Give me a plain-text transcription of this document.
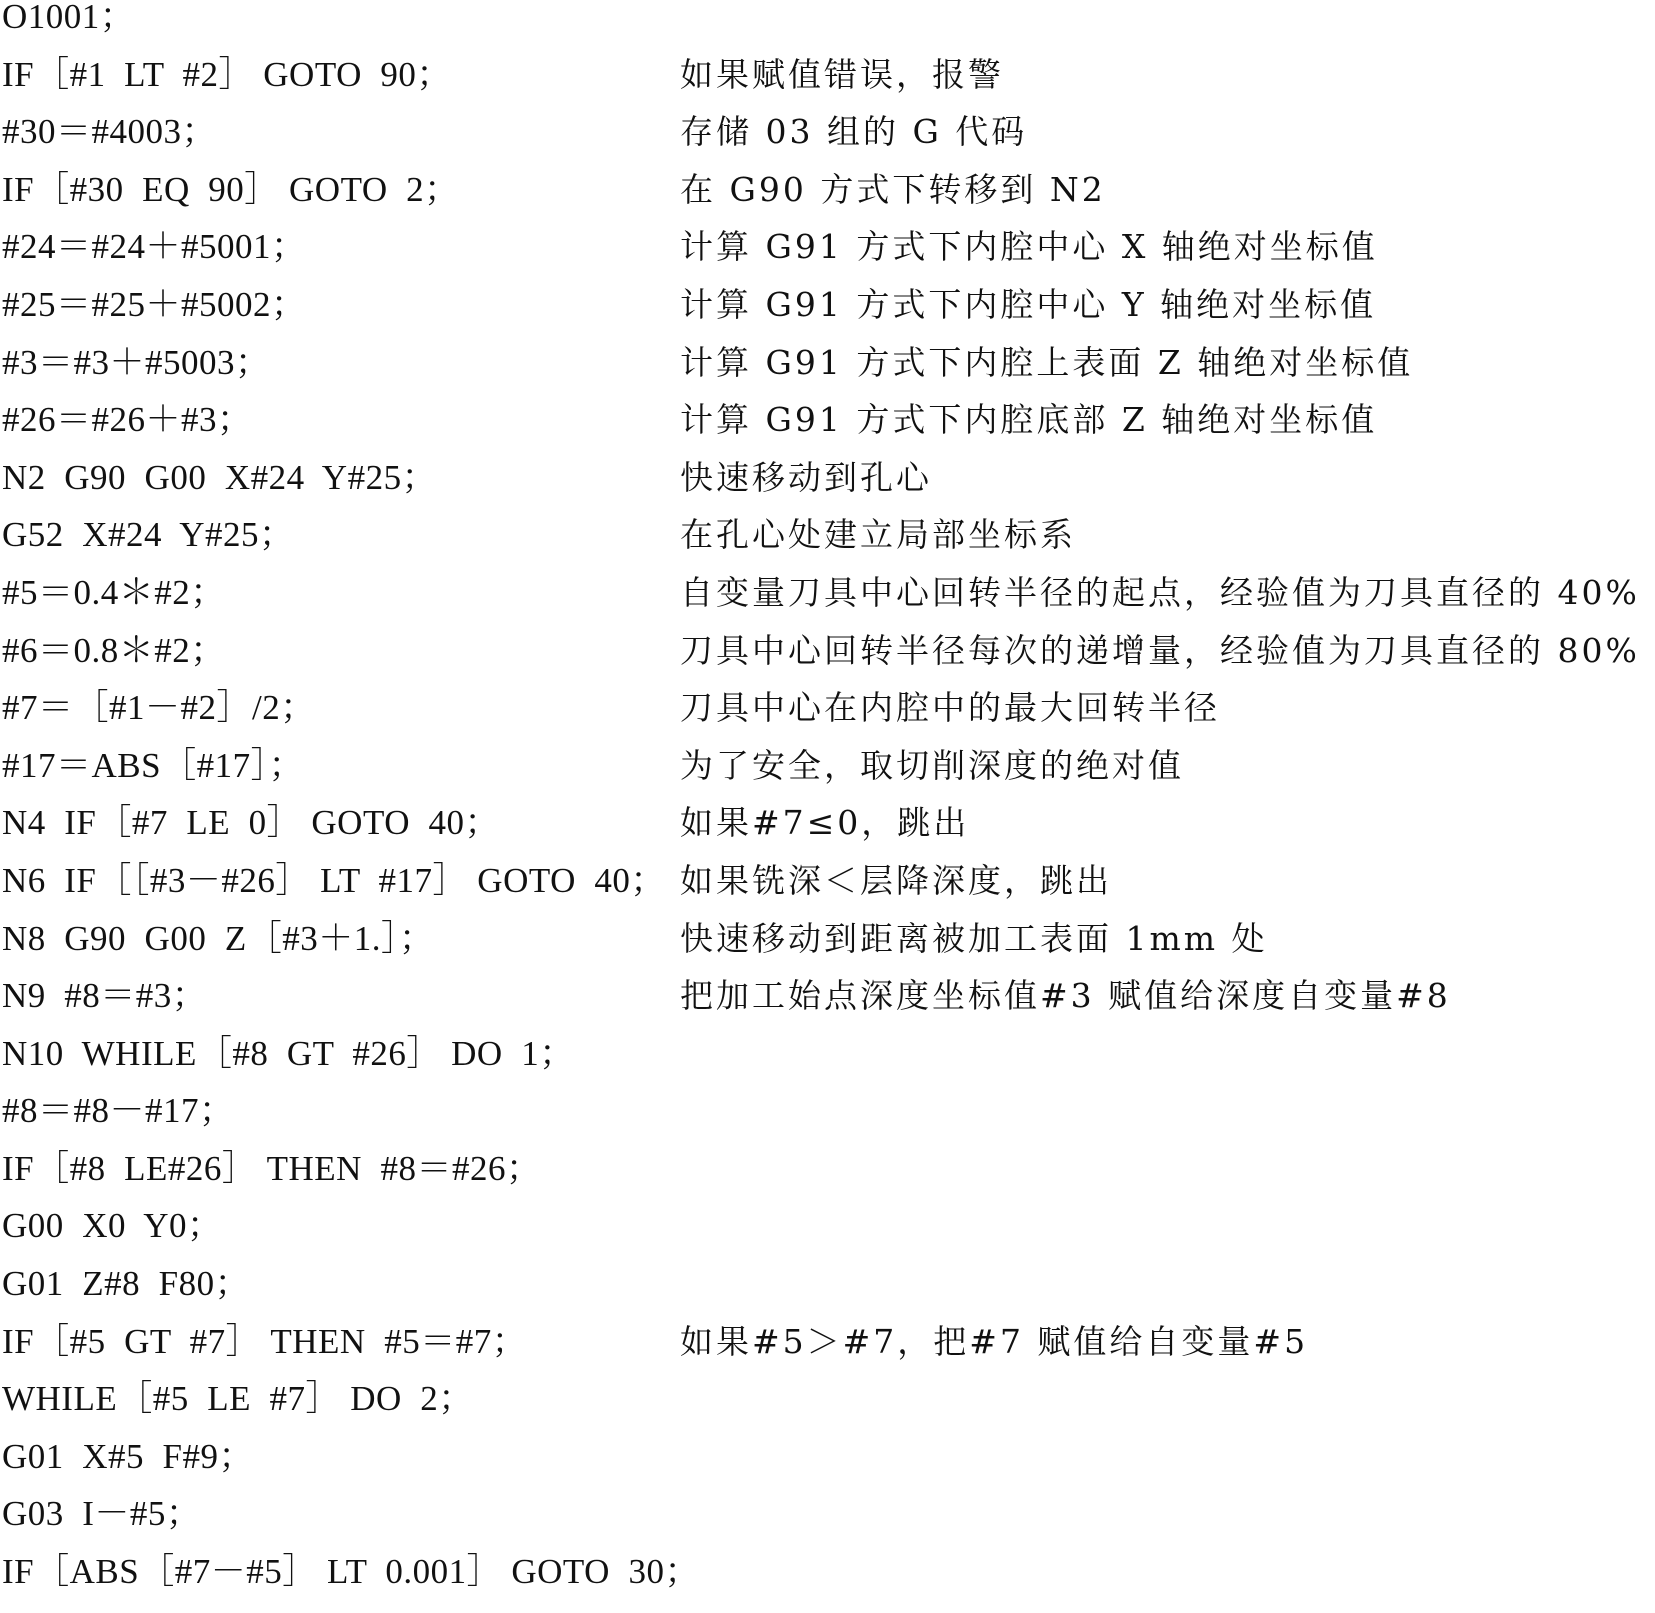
O1001；
IF［#1  LT  #2］ GOTO  90；	如果赋值错误，报警
#30＝#4003；	存储 03 组的 G 代码
IF［#30  EQ  90］ GOTO  2；	在 G90 方式下转移到 N2
#24＝#24＋#5001；	计算 G91 方式下内腔中心 X 轴绝对坐标值
#25＝#25＋#5002；	计算 G91 方式下内腔中心 Y 轴绝对坐标值
#3＝#3＋#5003；	计算 G91 方式下内腔上表面 Z 轴绝对坐标值
#26＝#26＋#3；	计算 G91 方式下内腔底部 Z 轴绝对坐标值
N2  G90  G00  X#24  Y#25；	快速移动到孔心
G52  X#24  Y#25；	在孔心处建立局部坐标系
#5＝0.4＊#2；	自变量刀具中心回转半径的起点，经验值为刀具直径的 40%
#6＝0.8＊#2；	刀具中心回转半径每次的递增量，经验值为刀具直径的 80%
#7＝［#1－#2］/2；	刀具中心在内腔中的最大回转半径
#17＝ABS［#17］；	为了安全，取切削深度的绝对值
N4  IF［#7  LE  0］ GOTO  40；	如果#7≤0，跳出
N6  IF［［#3－#26］ LT  #17］ GOTO  40； 如果铣深＜层降深度，跳出
N8  G90  G00  Z［#3＋1.］；	快速移动到距离被加工表面 1mm 处
N9  #8＝#3；	把加工始点深度坐标值#3 赋值给深度自变量#8
N10  WHILE［#8  GT  #26］ DO  1；
#8＝#8－#17；
IF［#8  LE#26］ THEN  #8＝#26；
G00  X0  Y0；
G01  Z#8  F80；
IF［#5  GT  #7］ THEN  #5＝#7；	如果#5＞#7，把#7 赋值给自变量#5
WHILE［#5  LE  #7］ DO  2；
G01  X#5  F#9；
G03  I－#5；
IF［ABS［#7－#5］ LT  0.001］ GOTO  30；
